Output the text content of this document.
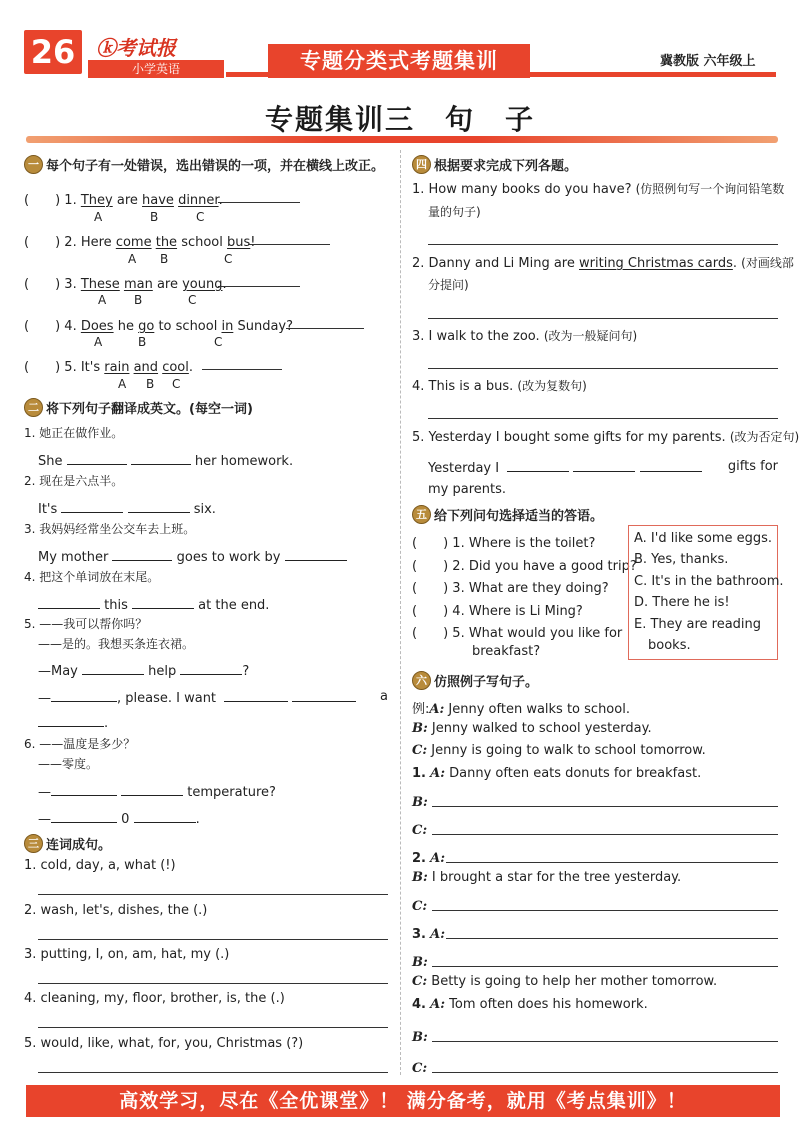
26	ⓚ考试报
小学英语	专题分类式考题集训	冀教版 六年级上
专题集训三　句　子
一 每个句子有一处错误，选出错误的一项，并在横线上改正。
(　　) 1. They are have dinner.
A	B	C
(　　) 2. Here come the school bus!
A B	C
(　　) 3. These man are young.
A B	C
(　　) 4. Does he go to school in Sunday?
A	B	C
(　　) 5. It's rain and cool.
A B C
二 将下列句子翻译成英文。(每空一词)
1. 她正在做作业。
She	her homework.
2. 现在是六点半。
It's	six.
3. 我妈妈经常坐公交车去上班。
My mother	goes to work by
4. 把这个单词放在末尾。
this	at the end.
5. ——我可以帮你吗？
——是的。我想买条连衣裙。
—May	help	?
—	, please. I want	a
.
6. ——温度是多少？
——零度。
—	temperature?
—	0	.
三 连词成句。
1. cold, day, a, what (!)
2. wash, let's, dishes, the (.)
3. putting, I, on, am, hat, my (.)
4. cleaning, my, floor, brother, is, the (.)
5. would, like, what, for, you, Christmas (?)
四 根据要求完成下列各题。
1. How many books do you have? (仿照例句写一个询问铅笔数
量的句子)
2. Danny and Li Ming are writing Christmas cards. (对画线部
分提问)
3. I walk to the zoo. (改为一般疑问句)
4. This is a bus. (改为复数句)
5. Yesterday I bought some gifts for my parents. (改为否定句)
Yesterday I	gifts for
my parents.
五 给下列问句选择适当的答语。
(　　) 1. Where is the toilet?
(　　) 2. Did you have a good trip?
(　　) 3. What are they doing?
(　　) 4. Where is Li Ming?
(　　) 5. What would you like for
breakfast?
A. I'd like some eggs.
B. Yes, thanks.
C. It's in the bathroom.
D. There he is!
E. They are reading
books.
六 仿照例子写句子。
例:A: Jenny often walks to school.
B: Jenny walked to school yesterday.
C: Jenny is going to walk to school tomorrow.
1. A: Danny often eats donuts for breakfast.
B:
C:
2. A:
B: I brought a star for the tree yesterday.
C:
3. A:
B:
C: Betty is going to help her mother tomorrow.
4. A: Tom often does his homework.
B:
C:
高效学习，尽在《全优课堂》！ 满分备考，就用《考点集训》！
